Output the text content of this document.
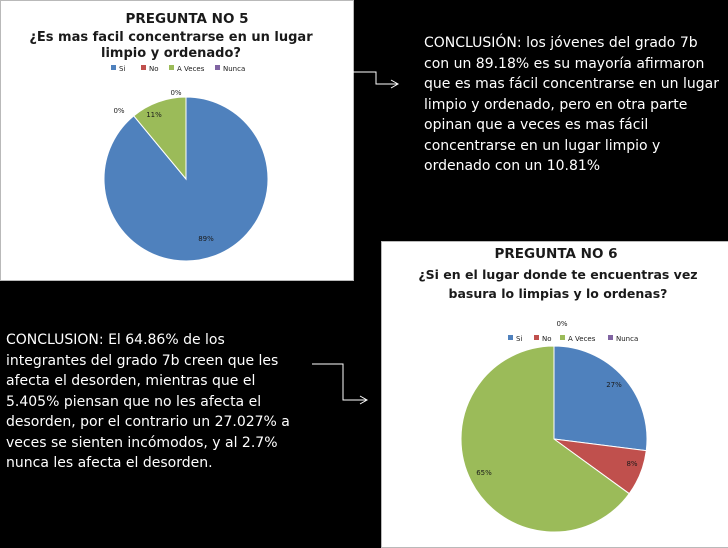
PREGUNTA NO 5
¿Es mas facil concentrarse en un lugar
limpio y ordenado?
Si	No	A Veces	Nunca
89%
0%	11%
0%
PREGUNTA NO 6
¿Si en el lugar donde te encuentras vez
basura lo limpias y lo ordenas?
Si	No A Veces	Nunca
27%
8%
65%
0%

CONCLUSIÓN: los jóvenes del grado 7b con un 89.18% es su mayoría afirmaron que es mas fácil concentrarse en un lugar limpio y ordenado, pero en otra parte opinan que a veces es mas fácil concentrarse en un lugar limpio y ordenado con un 10.81%

CONCLUSION: El 64.86% de los integrantes del grado 7b creen que les afecta el desorden, mientras que el 5.405% piensan que no les afecta el desorden, por el contrario un 27.027% a veces se sienten incómodos, y al 2.7% nunca les afecta el desorden.
